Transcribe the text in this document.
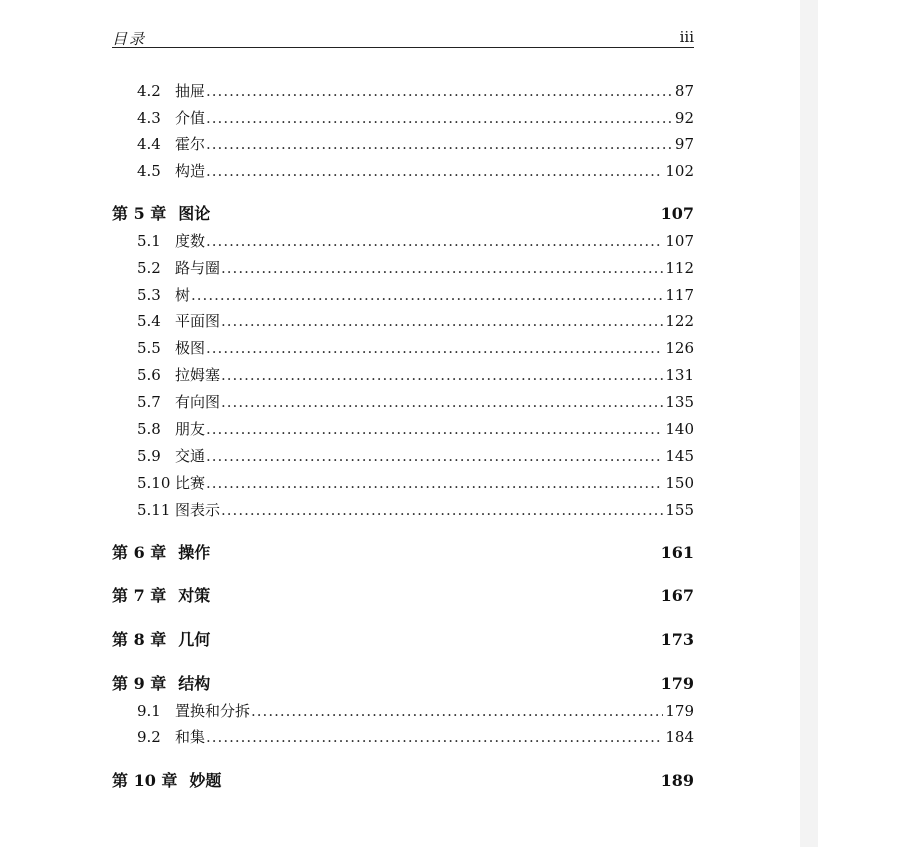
目录	iii
4.2 抽屉 .....	87
4.3 介值 .....	92
4.4 霍尔 .....	97
4.5 构造 .....	102
第 5 章 图论	107
5.1 度数 .....	107
5.2 路与圈 .....	112
5.3 树 .....	117
5.4 平面图 .....	122
5.5 极图 .....	126
5.6 拉姆塞 .....	131
5.7 有向图 .....	135
5.8 朋友 .....	140
5.9 交通 .....	145
5.10 比赛 .....	150
5.11 图表示 .....	155
第 6 章 操作	161
第 7 章 对策	167
第 8 章 几何	173
第 9 章 结构	179
9.1 置换和分拆 .....	179
9.2 和集 .....	184
第 10 章 妙题	189
